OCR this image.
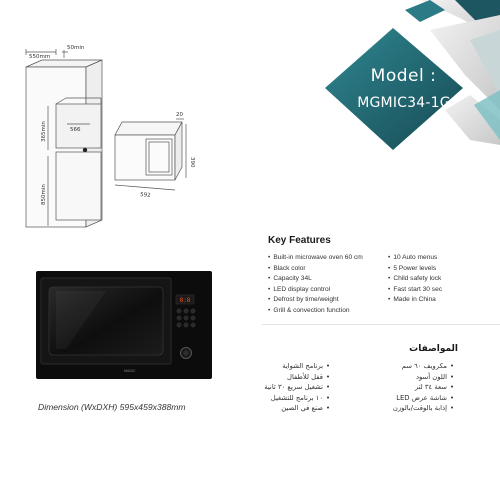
550mm
50min
566
365min
850min
20
390
592
Model :
MGMIC34-1G
Key Features
• Built-in microwave oven 60 cm
• Black color
• Capacity 34L
• LED display control
• Defrost by time/weight
• Grill & convection function
• 10 Auto menus
• 5 Power levels
• Child safety lock
• Fast start 30 sec
• Made in China
المواصفات
• مكرويف ٦٠ سم
• اللون أسود
• سعة ٣٤ لتر
• شاشة عرض LED
• إذابة بالوقت/بالوزن
• برنامج الشواية
• قفل للأطفال
• تشغيل سريع ٣٠ ثانية
• ١٠ برنامج للتشغيل
• صنع في الصين
8:8
MAGIC
Dimension (WxDXH) 595x459x388mm
